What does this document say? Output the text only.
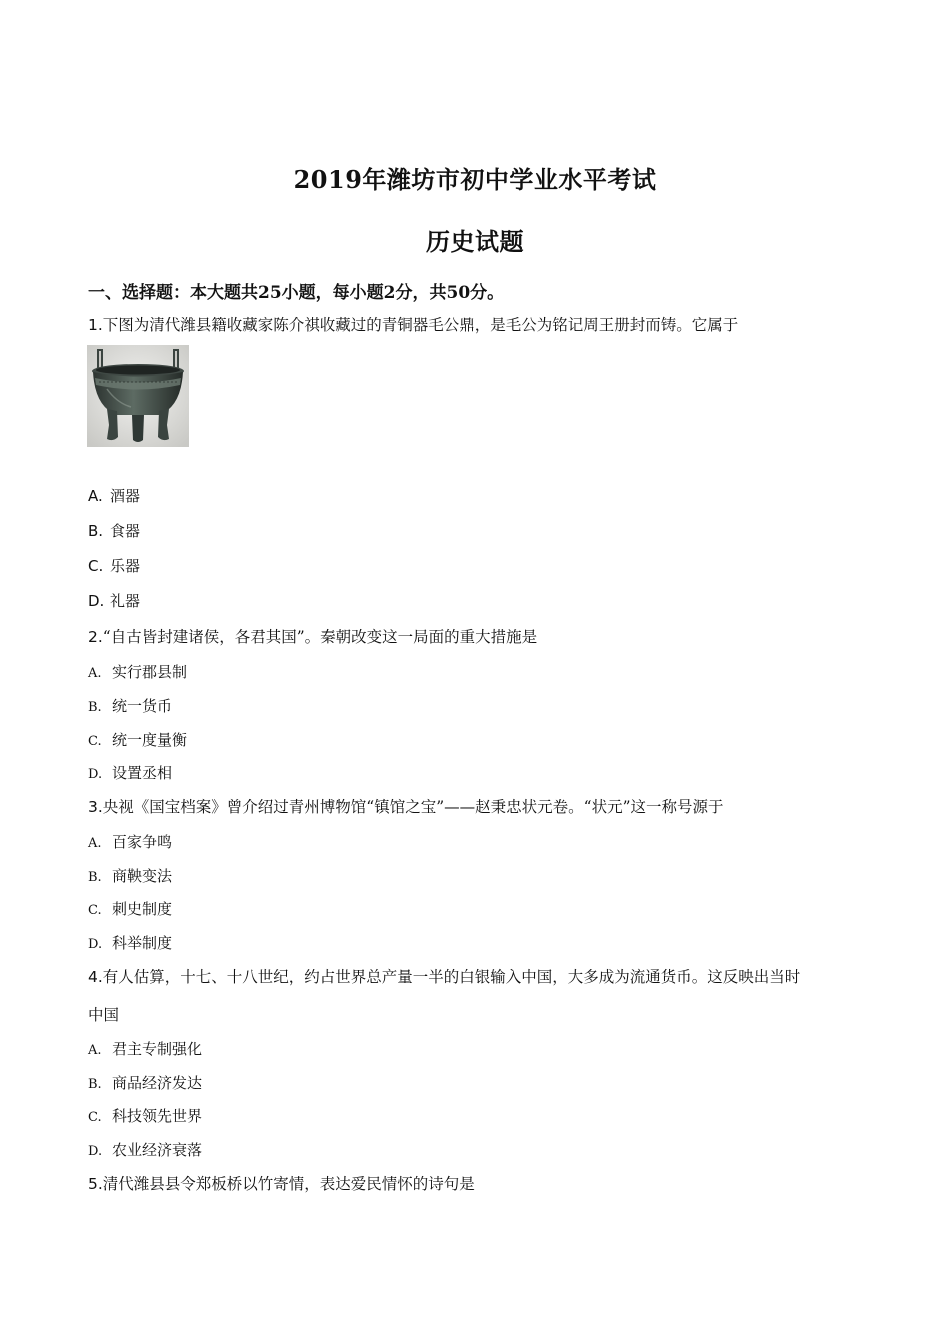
2019年潍坊市初中学业水平考试
历史试题
一、选择题：本大题共25小题，每小题2分，共50分。
1.下图为清代潍县籍收藏家陈介祺收藏过的青铜器毛公鼎，是毛公为铭记周王册封而铸。它属于
A. 酒器
B. 食器
C. 乐器
D. 礼器
2.“自古皆封建诸侯，各君其国”。秦朝改变这一局面的重大措施是
A. 实行郡县制
B. 统一货币
C. 统一度量衡
D. 设置丞相
3.央视《国宝档案》曾介绍过青州博物馆“镇馆之宝”——赵秉忠状元卷。“状元”这一称号源于
A. 百家争鸣
B. 商鞅变法
C. 刺史制度
D. 科举制度
4.有人估算，十七、十八世纪，约占世界总产量一半的白银输入中国，大多成为流通货币。这反映出当时
中国
A. 君主专制强化
B. 商品经济发达
C. 科技领先世界
D. 农业经济衰落
5.清代潍县县令郑板桥以竹寄情，表达爱民情怀的诗句是
